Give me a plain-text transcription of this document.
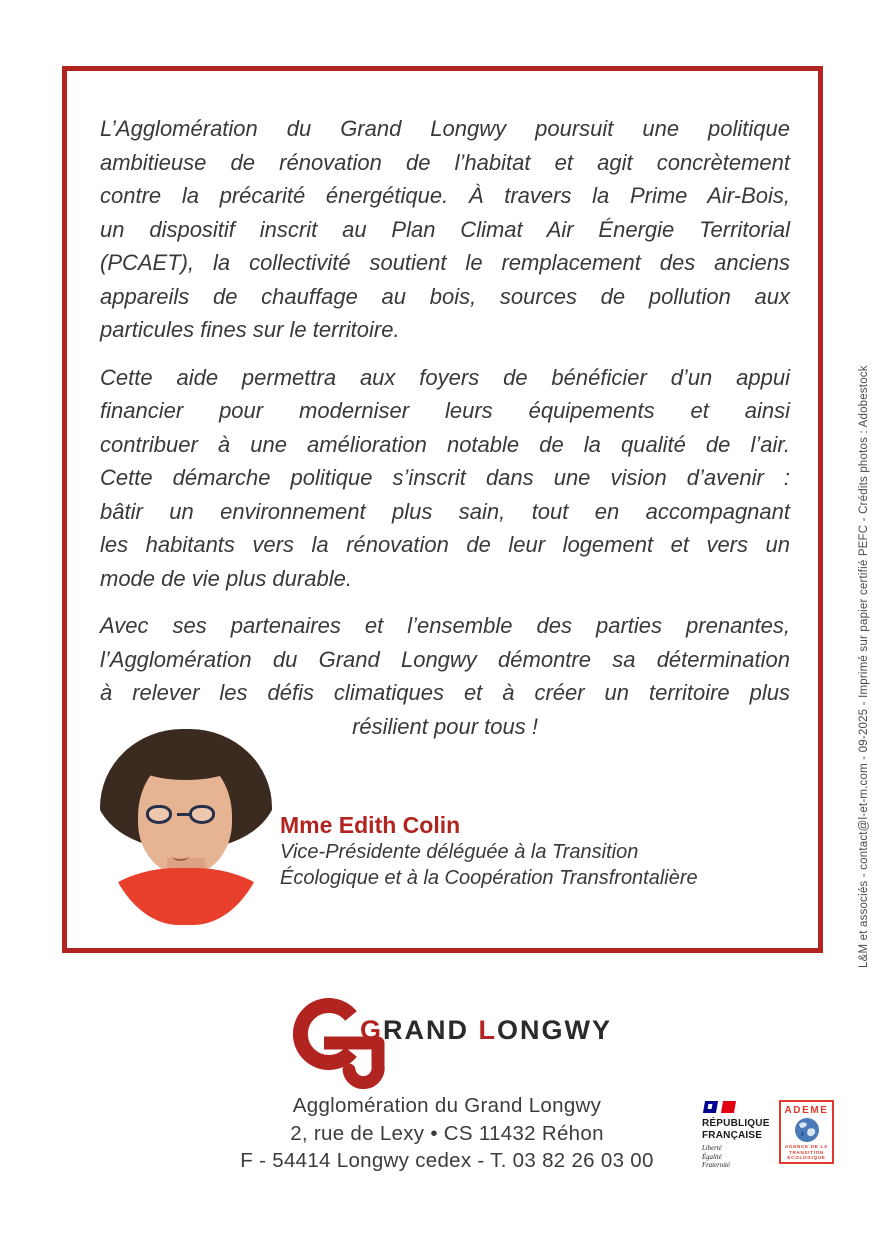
L’Agglomération du Grand Longwy poursuit une politique
ambitieuse de rénovation de l’habitat et agit concrètement
contre la précarité énergétique. À travers la Prime Air-Bois,
un dispositif inscrit au Plan Climat Air Énergie Territorial
(PCAET), la collectivité soutient le remplacement des anciens
appareils de chauffage au bois, sources de pollution aux
particules fines sur le territoire.

Cette aide permettra aux foyers de bénéficier d’un appui
financier pour moderniser leurs équipements et ainsi
contribuer à une amélioration notable de la qualité de l’air.
Cette démarche politique s’inscrit dans une vision d’avenir :
bâtir un environnement plus sain, tout en accompagnant
les habitants vers la rénovation de leur logement et vers un
mode de vie plus durable.

Avec ses partenaires et l’ensemble des parties prenantes,
l’Agglomération du Grand Longwy démontre sa détermination
à relever les défis climatiques et à créer un territoire plus
résilient pour tous !

Mme Edith Colin
Vice-Présidente déléguée à la Transition
Écologique et à la Coopération Transfrontalière
GRAND LONGWY
Agglomération du Grand Longwy
2, rue de Lexy • CS 11432 Réhon
F - 54414 Longwy cedex - T. 03 82 26 03 00
RÉPUBLIQUE
FRANÇAISE
Liberté
Égalité
Fraternité
ADEME
AGENCE DE LA
TRANSITION
ÉCOLOGIQUE
L&M et associés - contact@l-et-m.com - 09-2025 - Imprimé sur papier certifié PEFC - Crédits photos : Adobestock
